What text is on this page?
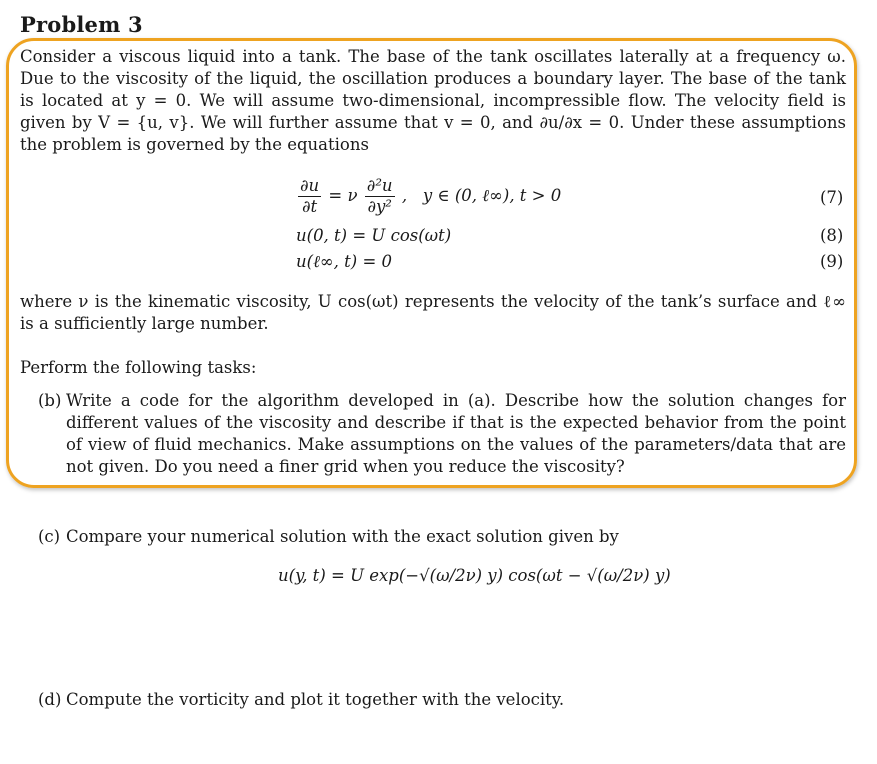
Problem 3
Consider a viscous liquid into a tank. The base of the tank oscillates laterally at a frequency ω. Due to the viscosity of the liquid, the oscillation produces a boundary layer. The base of the tank is located at y = 0. We will assume two-dimensional, incompressible flow. The velocity field is given by V = {u, v}. We will further assume that v = 0, and ∂u/∂x = 0. Under these assumptions the problem is governed by the equations
$\frac{\partial u}{\partial t} = \nu \frac{\text{∂²u}}{\text{∂y²}}$ ,   y ∈ (0, ℓ∞), t > 0	(7)
u(0, t) = U cos(ωt)	(8)
u(ℓ∞, t) = 0	(9)
where ν is the kinematic viscosity, U cos(ωt) represents the velocity of the tank’s surface and ℓ∞ is a sufficiently large number.
Perform the following tasks:
(b) Write a code for the algorithm developed in (a). Describe how the solution changes for different values of the viscosity and describe if that is the expected behavior from the point of view of fluid mechanics. Make assumptions on the values of the parameters/data that are not given. Do you need a finer grid when you reduce the viscosity?
(c) Compare your numerical solution with the exact solution given by
u(y, t) = U exp(−√(ω/2ν) y) cos(ωt − √(ω/2ν) y)
(d) Compute the vorticity and plot it together with the velocity.
